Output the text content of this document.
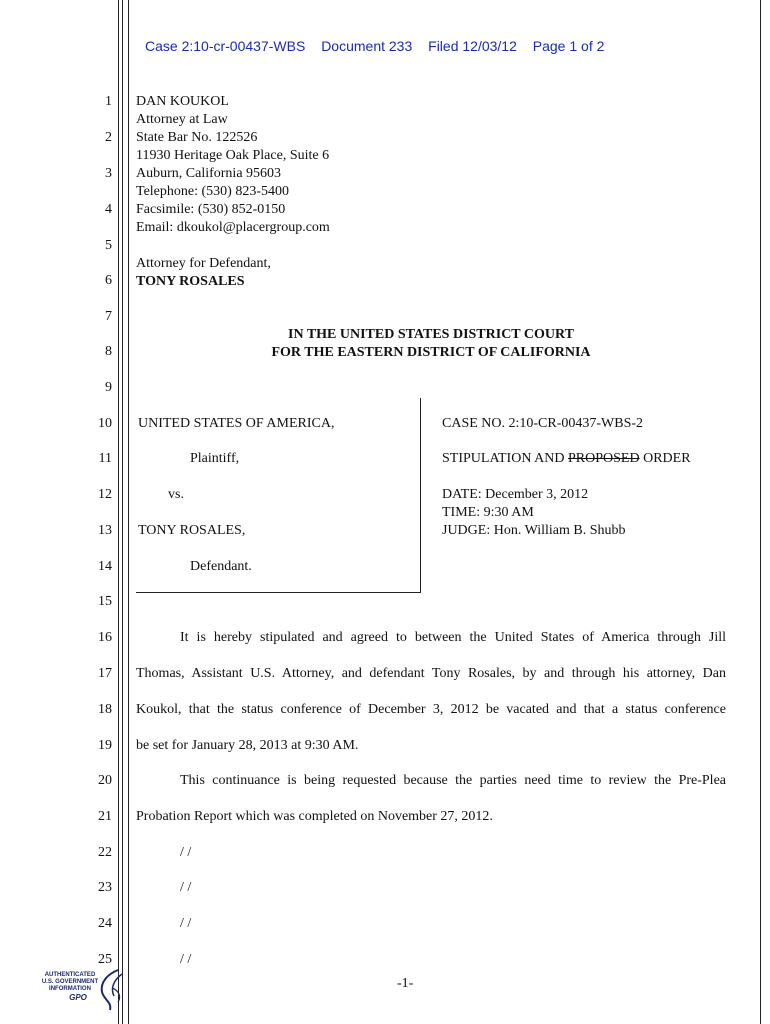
Case 2:10-cr-00437-WBS Document 233 Filed 12/03/12 Page 1 of 2
1
2
3
4
5
6
7
8
9
10
11
12
13
14
15
16
17
18
19
20
21
22
23
24
25
DAN KOUKOL
Attorney at Law
State Bar No. 122526
11930 Heritage Oak Place, Suite 6
Auburn, California 95603
Telephone: (530) 823-5400
Facsimile: (530) 852-0150
Email: dkoukol@placergroup.com
Attorney for Defendant,
TONY ROSALES
IN THE UNITED STATES DISTRICT COURT
FOR THE EASTERN DISTRICT OF CALIFORNIA
UNITED STATES OF AMERICA,
Plaintiff,
vs.
TONY ROSALES,
Defendant.
CASE NO. 2:10-CR-00437-WBS-2
STIPULATION AND PROPOSED ORDER
DATE: December 3, 2012
TIME: 9:30 AM
JUDGE: Hon. William B. Shubb
It is hereby stipulated and agreed to between the United States of America through Jill
Thomas, Assistant U.S. Attorney, and defendant Tony Rosales, by and through his attorney, Dan
Koukol, that the status conference of December 3, 2012 be vacated and that a status conference
be set for January 28, 2013 at 9:30 AM.
This continuance is being requested because the parties need time to review the Pre-Plea
Probation Report which was completed on November 27, 2012.
/ /
/ /
/ /
/ /
-1-
AUTHENTICATED
U.S. GOVERNMENT
INFORMATION
GPO
